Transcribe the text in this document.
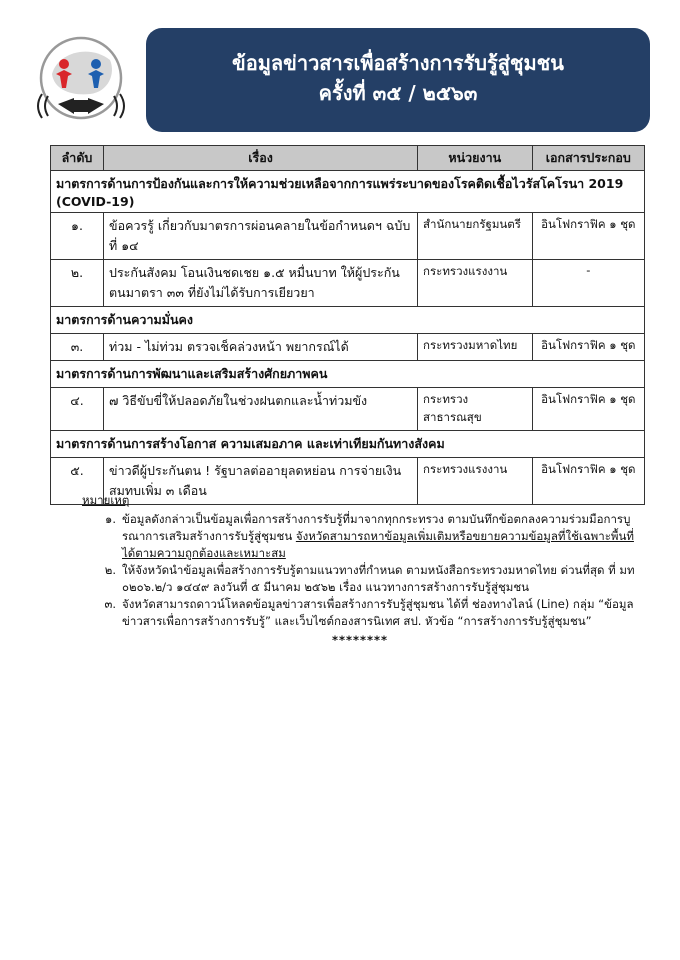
ข้อมูลข่าวสารเพื่อสร้างการรับรู้สู่ชุมชน
ครั้งที่ ๓๕ / ๒๕๖๓
ลำดับ	เรื่อง	หน่วยงาน	เอกสารประกอบ
มาตรการด้านการป้องกันและการให้ความช่วยเหลือจากการแพร่ระบาดของโรคติดเชื้อไวรัสโคโรนา 2019 (COVID-19)			
๑.	ข้อควรรู้ เกี่ยวกับมาตรการผ่อนคลายในข้อกำหนดฯ ฉบับที่ ๑๔	สำนักนายกรัฐมนตรี	อินโฟกราฟิค ๑ ชุด
๒.	ประกันสังคม โอนเงินชดเชย ๑.๕ หมื่นบาท ให้ผู้ประกันตนมาตรา ๓๓ ที่ยังไม่ได้รับการเยียวยา	กระทรวงแรงงาน	-
มาตรการด้านความมั่นคง			
๓.	ท่วม - ไม่ท่วม ตรวจเช็คล่วงหน้า พยากรณ์ได้	กระทรวงมหาดไทย	อินโฟกราฟิค ๑ ชุด
มาตรการด้านการพัฒนาและเสริมสร้างศักยภาพคน			
๔.	๗ วิธีขับขี่ให้ปลอดภัยในช่วงฝนตกและน้ำท่วมขัง	กระทรวงสาธารณสุข	อินโฟกราฟิค ๑ ชุด
มาตรการด้านการสร้างโอกาส ความเสมอภาค และเท่าเทียมกันทางสังคม			
๕.	ข่าวดีผู้ประกันตน ! รัฐบาลต่ออายุลดหย่อน การจ่ายเงินสมทบเพิ่ม ๓ เดือน	กระทรวงแรงงาน	อินโฟกราฟิค ๑ ชุด
หมายเหตุ
๑. ข้อมูลดังกล่าวเป็นข้อมูลเพื่อการสร้างการรับรู้ที่มาจากทุกกระทรวง ตามบันทึกข้อตกลงความร่วมมือการบูรณาการเสริมสร้างการรับรู้สู่ชุมชน จังหวัดสามารถหาข้อมูลเพิ่มเติมหรือขยายความข้อมูลที่ใช้เฉพาะพื้นที่ได้ตามความถูกต้องและเหมาะสม
๒. ให้จังหวัดนำข้อมูลเพื่อสร้างการรับรู้ตามแนวทางที่กำหนด ตามหนังสือกระทรวงมหาดไทย ด่วนที่สุด ที่ มท ๐๒๐๖.๒/ว ๑๔๔๙ ลงวันที่ ๕ มีนาคม ๒๕๖๒ เรื่อง แนวทางการสร้างการรับรู้สู่ชุมชน
๓. จังหวัดสามารถดาวน์โหลดข้อมูลข่าวสารเพื่อสร้างการรับรู้สู่ชุมชน ได้ที่ ช่องทางไลน์ (Line) กลุ่ม “ข้อมูลข่าวสารเพื่อการสร้างการรับรู้” และเว็บไซต์กองสารนิเทศ สป. หัวข้อ “การสร้างการรับรู้สู่ชุมชน”
********
